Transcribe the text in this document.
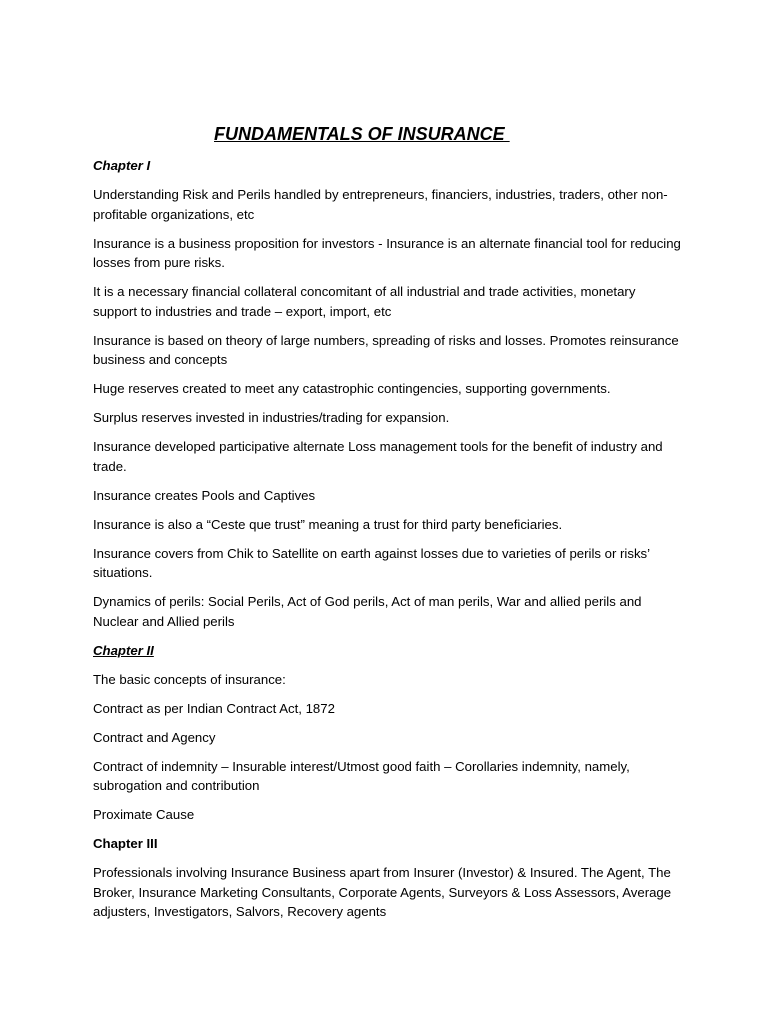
FUNDAMENTALS OF INSURANCE

Chapter I

Understanding Risk and Perils handled by entrepreneurs, financiers, industries, traders, other non-profitable organizations, etc

Insurance is a business proposition for investors - Insurance is an alternate financial tool for reducing losses from pure risks.

It is a necessary financial collateral concomitant of all industrial and trade activities, monetary support to industries and trade – export, import, etc

Insurance is based on theory of large numbers, spreading of risks and losses. Promotes reinsurance business and concepts

Huge reserves created to meet any catastrophic contingencies, supporting governments.

Surplus reserves invested in industries/trading for expansion.

Insurance developed participative alternate Loss management tools for the benefit of industry and trade.

Insurance creates Pools and Captives

Insurance is also a “Ceste que trust” meaning a trust for third party beneficiaries.

Insurance covers from Chik to Satellite on earth against losses due to varieties of perils or risks’ situations.

Dynamics of perils: Social Perils, Act of God perils, Act of man perils, War and allied perils and Nuclear and Allied perils

Chapter II

The basic concepts of insurance:

Contract as per Indian Contract Act, 1872

Contract and Agency

Contract of indemnity – Insurable interest/Utmost good faith – Corollaries indemnity, namely, subrogation and contribution

Proximate Cause

Chapter III

Professionals involving Insurance Business apart from Insurer (Investor) & Insured. The Agent, The Broker, Insurance Marketing Consultants, Corporate Agents, Surveyors & Loss Assessors, Average adjusters, Investigators, Salvors, Recovery agents
